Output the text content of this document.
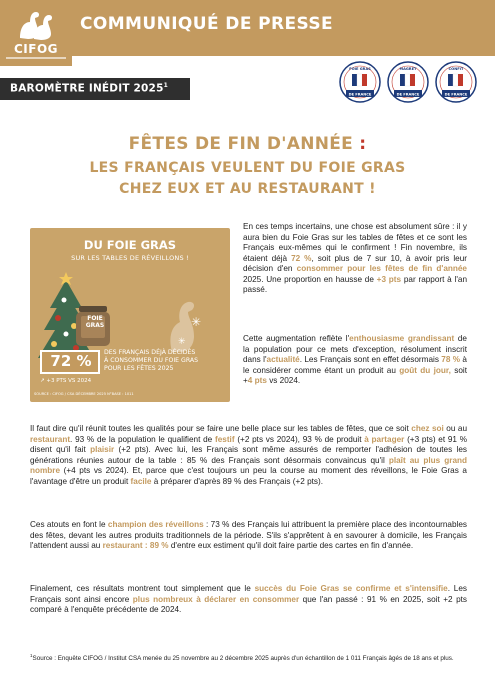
CIFOG
COMMUNIQUÉ DE PRESSE
BAROMÈTRE INÉDIT 2025$^1$
DE FRANCE
FOIE GRAS
DE FRANCE
MAGRET
DE FRANCE
CONFIT
FÊTES DE FIN D'ANNÉE :
LES FRANÇAIS VEULENT DU FOIE GRAS
CHEZ EUX ET AU RESTAURANT !
DU FOIE GRAS
SUR LES TABLES DE RÉVEILLONS !
✳
✳
FOIE
GRAS
72 %	DES FRANÇAIS DÉJÀ DÉCIDÉS
À CONSOMMER DU FOIE GRAS
POUR LES FÊTES 2025
↗ +3 PTS VS 2024
SOURCE : CIFOG / CSA DÉCEMBRE 2025 N°BASE : 1011
En ces temps incertains, une chose est absolument sûre : il y aura bien du Foie Gras sur les tables de fêtes et ce sont les Français eux-mêmes qui le confirment ! Fin novembre, ils étaient déjà 72 %, soit plus de 7 sur 10, à avoir pris leur décision d'en consommer pour les fêtes de fin d'année 2025. Une proportion en hausse de +3 pts par rapport à l'an passé.
Cette augmentation reflète l'enthousiasme grandissant de la population pour ce mets d'exception, résolument inscrit dans l'actualité. Les Français sont en effet désormais 78 % à le considérer comme étant un produit au goût du jour, soit +4 pts vs 2024.
Il faut dire qu'il réunit toutes les qualités pour se faire une belle place sur les tables de fêtes, que ce soit chez soi ou au restaurant. 93 % de la population le qualifient de festif (+2 pts vs 2024), 93 % de produit à partager (+3 pts) et 91 % disent qu'il fait plaisir (+2 pts). Avec lui, les Français sont même assurés de remporter l'adhésion de toutes les générations réunies autour de la table : 85 % des Français sont désormais convaincus qu'il plaît au plus grand nombre (+4 pts vs 2024). Et, parce que c'est toujours un peu la course au moment des réveillons, le Foie Gras a l'avantage d'être un produit facile à préparer d'après 89 % des Français (+2 pts).
Ces atouts en font le champion des réveillons : 73 % des Français lui attribuent la première place des incontournables des fêtes, devant les autres produits traditionnels de la période. S'ils s'apprêtent à en savourer à domicile, les Français l'attendent aussi au restaurant : 89 % d'entre eux estiment qu'il doit faire partie des cartes en fin d'année.
Finalement, ces résultats montrent tout simplement que le succès du Foie Gras se confirme et s'intensifie. Les Français sont ainsi encore plus nombreux à déclarer en consommer que l'an passé : 91 % en 2025, soit +2 pts comparé à l'enquête précédente de 2024.
$^1$Source : Enquête CIFOG / Institut CSA menée du 25 novembre au 2 décembre 2025 auprès d'un échantillon de 1 011 Français âgés de 18 ans et plus.
